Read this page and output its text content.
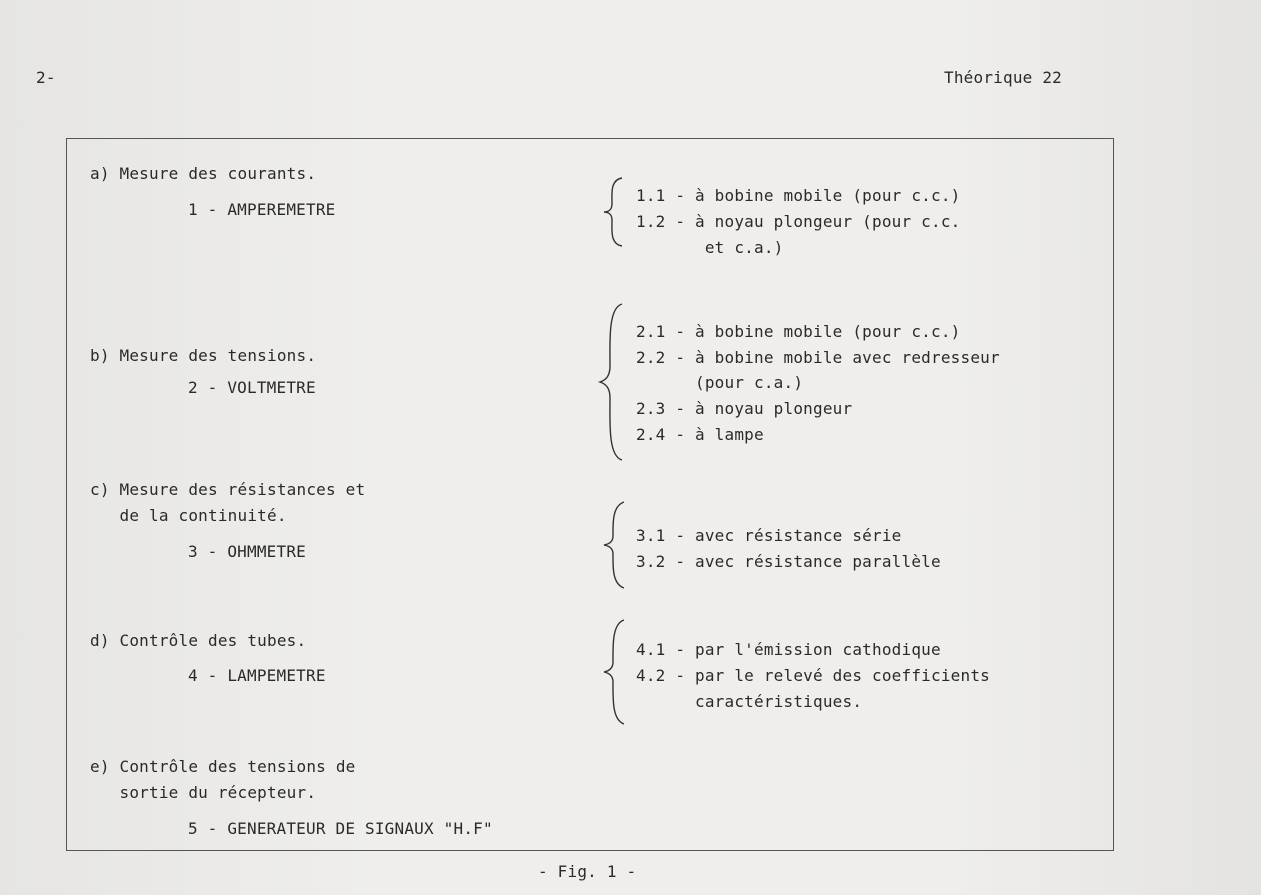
2-	Théorique 22
a) Mesure des courants.
1 - AMPEREMETRE
1.1 - à bobine mobile (pour c.c.)
1.2 - à noyau plongeur (pour c.c.
et c.a.)
b) Mesure des tensions.
2 - VOLTMETRE
2.1 - à bobine mobile (pour c.c.)
2.2 - à bobine mobile avec redresseur
(pour c.a.)
2.3 - à noyau plongeur
2.4 - à lampe
c) Mesure des résistances et
de la continuité.
3 - OHMMETRE
3.1 - avec résistance série
3.2 - avec résistance parallèle
d) Contrôle des tubes.
4 - LAMPEMETRE
4.1 - par l'émission cathodique
4.2 - par le relevé des coefficients
caractéristiques.
e) Contrôle des tensions de
sortie du récepteur.
5 - GENERATEUR DE SIGNAUX "H.F"
- Fig. 1 -
